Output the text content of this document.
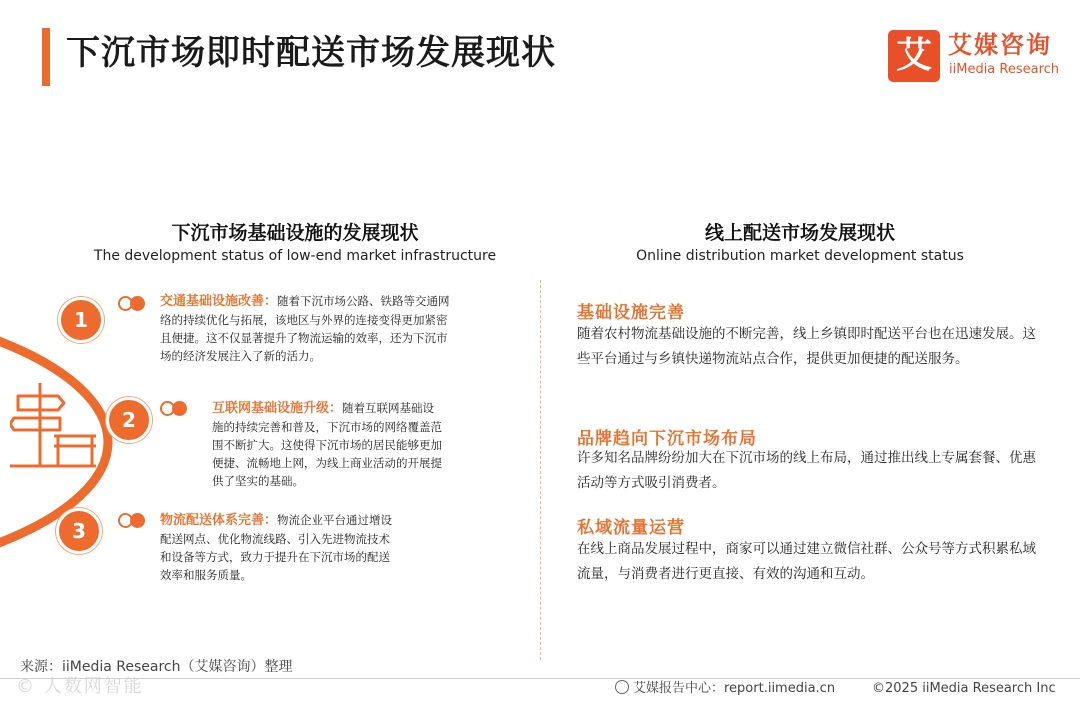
下沉市场即时配送市场发展现状	艾 艾媒咨询
iiMedia Research
下沉市场基础设施的发展现状
The development status of low-end market infrastructure
1
2
3
交通基础设施改善：随着下沉市场公路、铁路等交通网络的持续优化与拓展，该地区与外界的连接变得更加紧密且便捷。这不仅显著提升了物流运输的效率，还为下沉市场的经济发展注入了新的活力。
互联网基础设施升级：随着互联网基础设施的持续完善和普及，下沉市场的网络覆盖范围不断扩大。这使得下沉市场的居民能够更加便捷、流畅地上网，为线上商业活动的开展提供了坚实的基础。
物流配送体系完善：物流企业平台通过增设配送网点、优化物流线路、引入先进物流技术和设备等方式，致力于提升在下沉市场的配送效率和服务质量。
线上配送市场发展现状
Online distribution market development status
基础设施完善
随着农村物流基础设施的不断完善，线上乡镇即时配送平台也在迅速发展。这些平台通过与乡镇快递物流站点合作，提供更加便捷的配送服务。
品牌趋向下沉市场布局
许多知名品牌纷纷加大在下沉市场的线上布局，通过推出线上专属套餐、优惠活动等方式吸引消费者。
私域流量运营
在线上商品发展过程中，商家可以通过建立微信社群、公众号等方式积累私域流量，与消费者进行更直接、有效的沟通和互动。
来源：iiMedia Research（艾媒咨询）整理
© 人数网智能	艾媒报告中心：report.iimedia.cn	©2025 iiMedia Research Inc
